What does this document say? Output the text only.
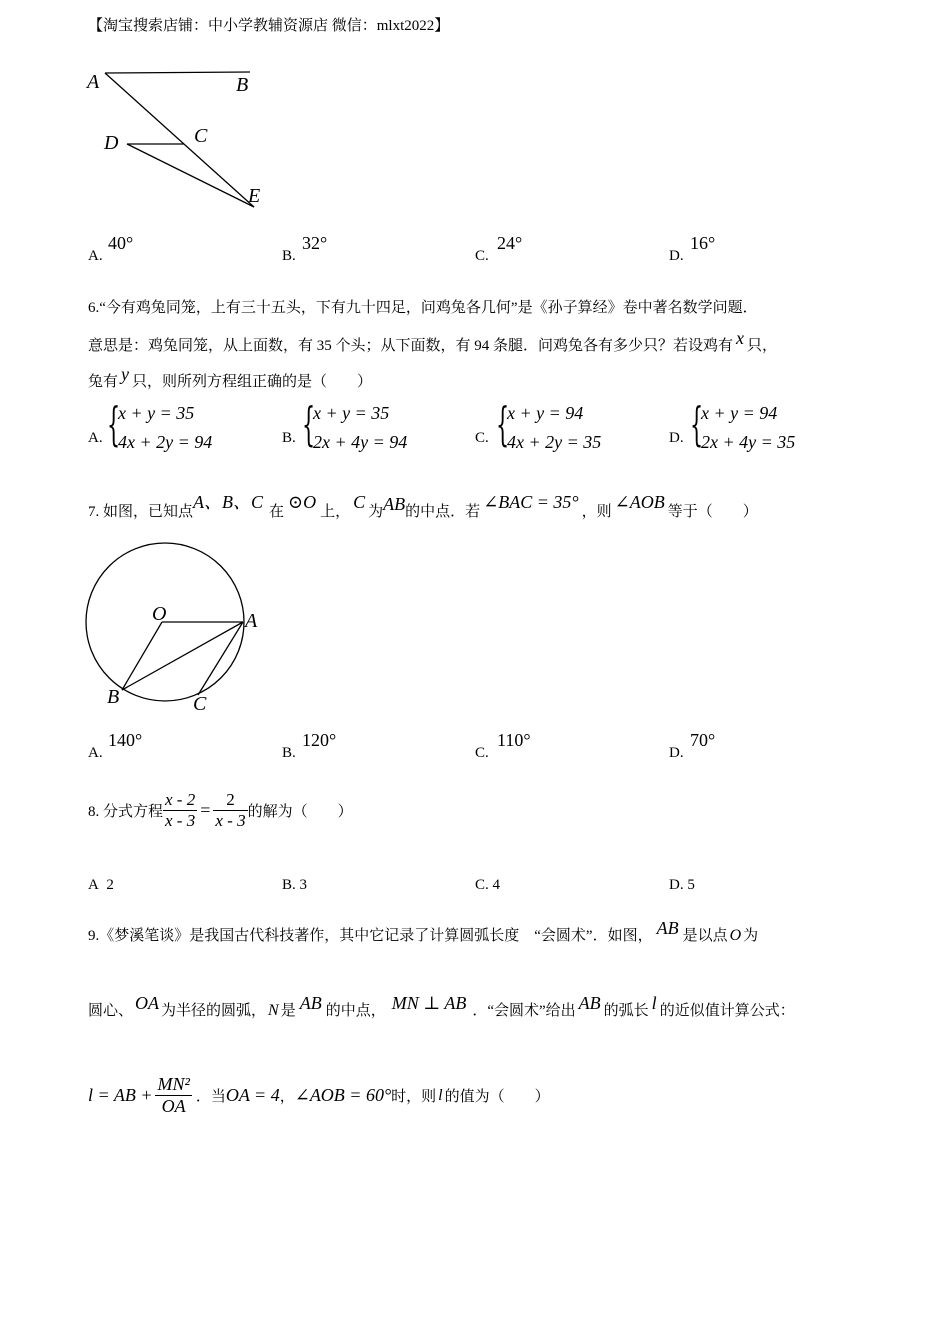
【淘宝搜索店铺：中小学教辅资源店 微信：mlxt2022】
A	B
D	C
E
A.
40°
B.
32°
C.
24°
D.
16°
6.“今有鸡兔同笼，上有三十五头，下有九十四足，问鸡兔各几何”是《孙子算经》卷中著名数学问题．
意思是：鸡兔同笼，从上面数，有 35 个头；从下面数，有 94 条腿．问鸡兔各有多少只？若设鸡有 x 只，
兔有 y 只，则所列方程组正确的是（　　）
A. {
x + y = 35
4x + 2y = 94	B. {
x + y = 35
2x + 4y = 94	C. {
x + y = 94
4x + 2y = 35	D. {
x + y = 94
2x + 4y = 35
7. 如图，已知点A、B、C 在 ⊙O 上， C 为AB的中点．若 ∠BAC = 35° ，则 ∠AOB 等于（　　）
O	A
B	C
A.
140°
B.
120°
C.
110°
D.
70°
8. 分式方程 $\frac{x - 2}{x - 3} = \frac{2}{x - 3}$ 的解为（　　）
A 2	B. 3	C. 4	D. 5
9.《梦溪笔谈》是我国古代科技著作，其中它记录了计算圆弧长度　“会圆术”．如图， AB 是以点 O 为
圆心、 OA 为半径的圆弧， N 是 AB 的中点， MN ⊥ AB ．“会圆术”给出 AB 的弧长 l 的近似值计算公式：
l = AB + $\frac{\text{MN²}}{OA}$ ．当OA = 4，∠AOB = 60°时，则 l 的值为（　　）
